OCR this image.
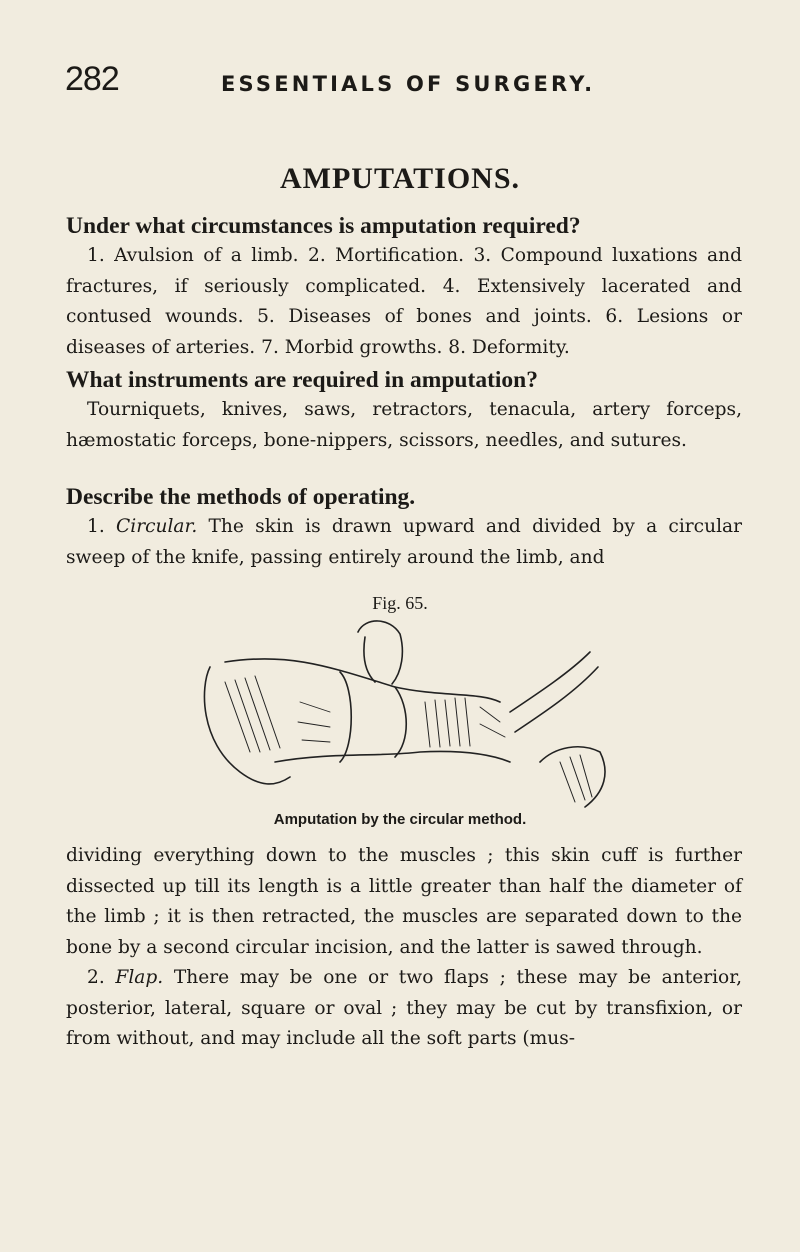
282	ESSENTIALS OF SURGERY.
AMPUTATIONS.
Under what circumstances is amputation required?

1. Avulsion of a limb. 2. Mortification. 3. Compound luxations and fractures, if seriously complicated. 4. Extensively lacerated and contused wounds. 5. Diseases of bones and joints. 6. Lesions or diseases of arteries. 7. Morbid growths. 8. Deformity.

What instruments are required in amputation?

Tourniquets, knives, saws, retractors, tenacula, artery forceps, hæmostatic forceps, bone-nippers, scissors, needles, and sutures.

Describe the methods of operating.

1. Circular. The skin is drawn upward and divided by a circular sweep of the knife, passing entirely around the limb, and

Fig. 65.
Amputation by the circular method.

dividing everything down to the muscles ; this skin cuff is further dissected up till its length is a little greater than half the diameter of the limb ; it is then retracted, the muscles are separated down to the bone by a second circular incision, and the latter is sawed through.

2. Flap. There may be one or two flaps ; these may be anterior, posterior, lateral, square or oval ; they may be cut by transfixion, or from without, and may include all the soft parts (mus-
